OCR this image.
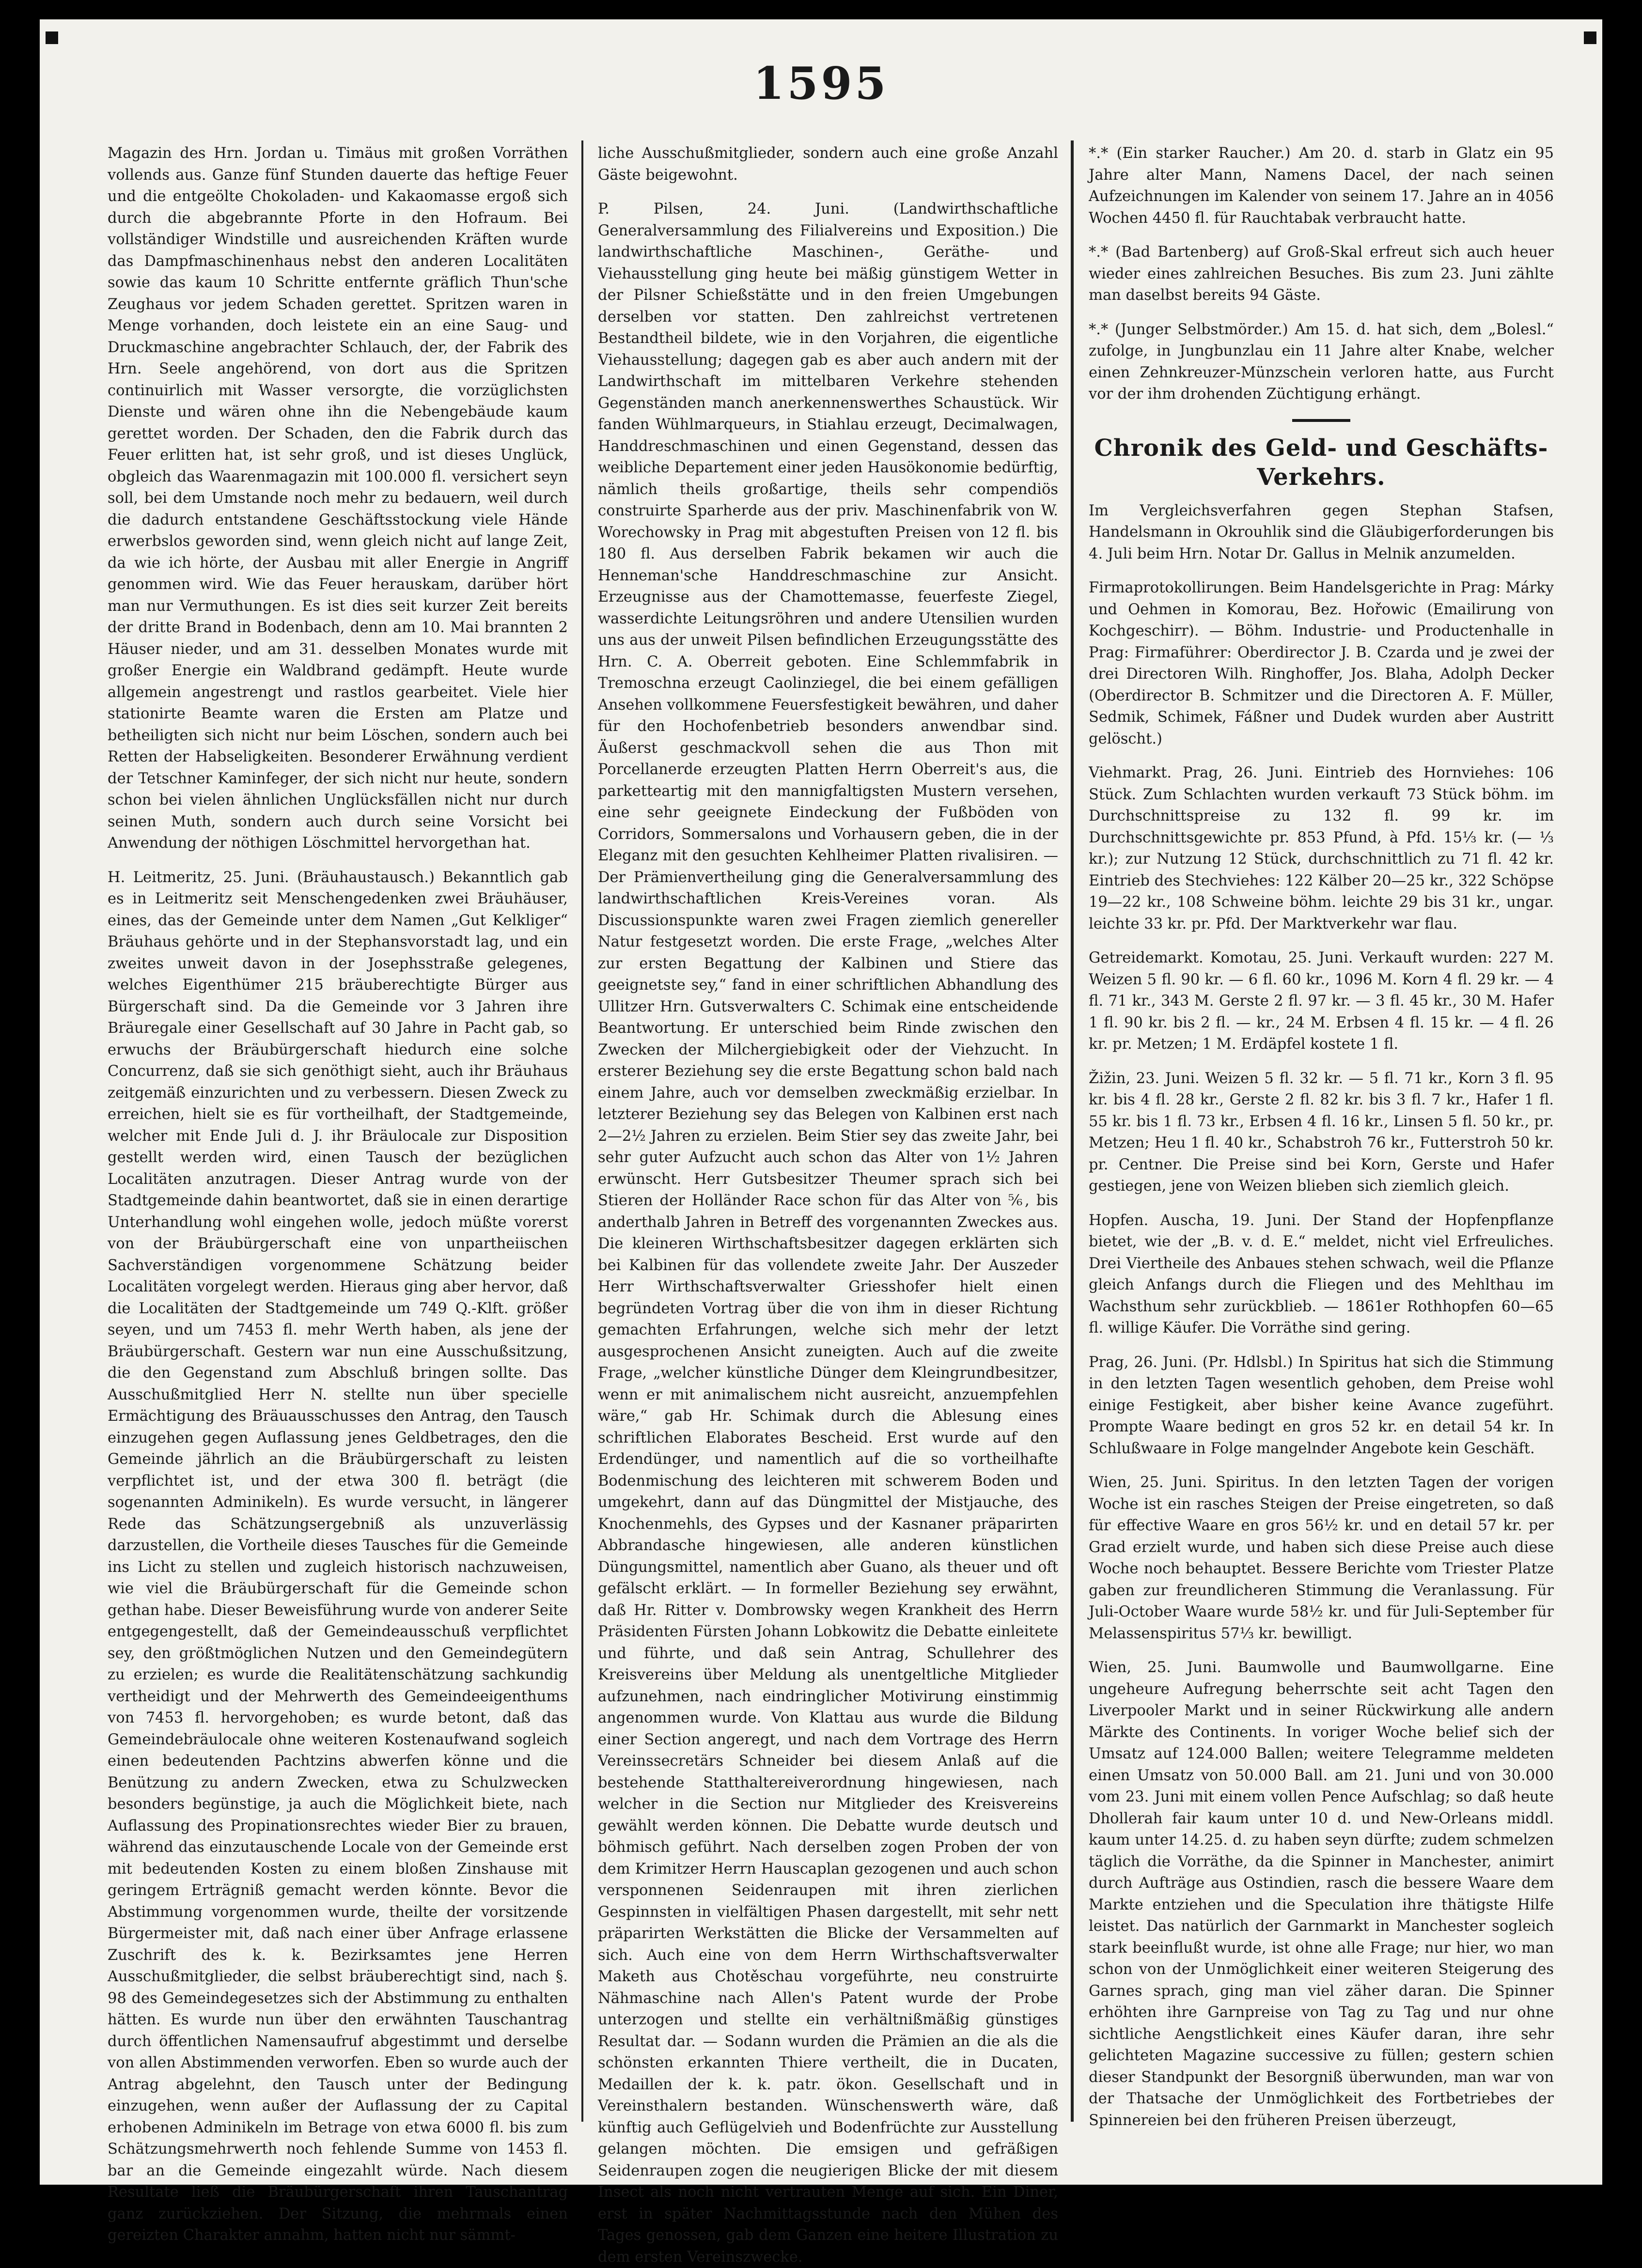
1595

Magazin des Hrn. Jordan u. Timäus mit großen Vorräthen vollends aus. Ganze fünf Stunden dauerte das heftige Feuer und die entgeölte Chokoladen- und Kakaomasse ergoß sich durch die abgebrannte Pforte in den Hofraum. Bei vollständiger Windstille und ausreichenden Kräften wurde das Dampfmaschinenhaus nebst den anderen Localitäten sowie das kaum 10 Schritte entfernte gräflich Thun'sche Zeughaus vor jedem Schaden gerettet. Spritzen waren in Menge vorhanden, doch leistete ein an eine Saug- und Druckmaschine angebrachter Schlauch, der, der Fabrik des Hrn. Seele angehörend, von dort aus die Spritzen continuirlich mit Wasser versorgte, die vorzüglichsten Dienste und wären ohne ihn die Nebengebäude kaum gerettet worden. Der Schaden, den die Fabrik durch das Feuer erlitten hat, ist sehr groß, und ist dieses Unglück, obgleich das Waarenmagazin mit 100.000 fl. versichert seyn soll, bei dem Umstande noch mehr zu bedauern, weil durch die dadurch entstandene Geschäftsstockung viele Hände erwerbslos geworden sind, wenn gleich nicht auf lange Zeit, da wie ich hörte, der Ausbau mit aller Energie in Angriff genommen wird. Wie das Feuer herauskam, darüber hört man nur Vermuthungen. Es ist dies seit kurzer Zeit bereits der dritte Brand in Bodenbach, denn am 10. Mai brannten 2 Häuser nieder, und am 31. desselben Monates wurde mit großer Energie ein Waldbrand gedämpft. Heute wurde allgemein angestrengt und rastlos gearbeitet. Viele hier stationirte Beamte waren die Ersten am Platze und betheiligten sich nicht nur beim Löschen, sondern auch bei Retten der Habseligkeiten. Besonderer Erwähnung verdient der Tetschner Kaminfeger, der sich nicht nur heute, sondern schon bei vielen ähnlichen Unglücksfällen nicht nur durch seinen Muth, sondern auch durch seine Vorsicht bei Anwendung der nöthigen Löschmittel hervorgethan hat.

H. Leitmeritz, 25. Juni. (Bräuhaustausch.) Bekanntlich gab es in Leitmeritz seit Menschengedenken zwei Bräuhäuser, eines, das der Gemeinde unter dem Namen „Gut Kelkliger“ Bräuhaus gehörte und in der Stephansvorstadt lag, und ein zweites unweit davon in der Josephsstraße gelegenes, welches Eigenthümer 215 bräuberechtigte Bürger aus Bürgerschaft sind. Da die Gemeinde vor 3 Jahren ihre Bräuregale einer Gesellschaft auf 30 Jahre in Pacht gab, so erwuchs der Bräubürgerschaft hiedurch eine solche Concurrenz, daß sie sich genöthigt sieht, auch ihr Bräuhaus zeitgemäß einzurichten und zu verbessern. Diesen Zweck zu erreichen, hielt sie es für vortheilhaft, der Stadtgemeinde, welcher mit Ende Juli d. J. ihr Bräulocale zur Disposition gestellt werden wird, einen Tausch der bezüglichen Localitäten anzutragen. Dieser Antrag wurde von der Stadtgemeinde dahin beantwortet, daß sie in einen derartige Unterhandlung wohl eingehen wolle, jedoch müßte vorerst von der Bräubürgerschaft eine von unpartheiischen Sachverständigen vorgenommene Schätzung beider Localitäten vorgelegt werden. Hieraus ging aber hervor, daß die Localitäten der Stadtgemeinde um 749 Q.-Klft. größer seyen, und um 7453 fl. mehr Werth haben, als jene der Bräubürgerschaft. Gestern war nun eine Ausschußsitzung, die den Gegenstand zum Abschluß bringen sollte. Das Ausschußmitglied Herr N. stellte nun über specielle Ermächtigung des Bräuausschusses den Antrag, den Tausch einzugehen gegen Auflassung jenes Geldbetrages, den die Gemeinde jährlich an die Bräubürgerschaft zu leisten verpflichtet ist, und der etwa 300 fl. beträgt (die sogenannten Adminikeln). Es wurde versucht, in längerer Rede das Schätzungsergebniß als unzuverlässig darzustellen, die Vortheile dieses Tausches für die Gemeinde ins Licht zu stellen und zugleich historisch nachzuweisen, wie viel die Bräubürgerschaft für die Gemeinde schon gethan habe. Dieser Beweisführung wurde von anderer Seite entgegengestellt, daß der Gemeindeausschuß verpflichtet sey, den größtmöglichen Nutzen und den Gemeindegütern zu erzielen; es wurde die Realitätenschätzung sachkundig vertheidigt und der Mehrwerth des Gemeindeeigenthums von 7453 fl. hervorgehoben; es wurde betont, daß das Gemeindebräulocale ohne weiteren Kostenaufwand sogleich einen bedeutenden Pachtzins abwerfen könne und die Benützung zu andern Zwecken, etwa zu Schulzwecken besonders begünstige, ja auch die Möglichkeit biete, nach Auflassung des Propinationsrechtes wieder Bier zu brauen, während das einzutauschende Locale von der Gemeinde erst mit bedeutenden Kosten zu einem bloßen Zinshause mit geringem Erträgniß gemacht werden könnte. Bevor die Abstimmung vorgenommen wurde, theilte der vorsitzende Bürgermeister mit, daß nach einer über Anfrage erlassene Zuschrift des k. k. Bezirksamtes jene Herren Ausschußmitglieder, die selbst bräuberechtigt sind, nach §. 98 des Gemeindegesetzes sich der Abstimmung zu enthalten hätten. Es wurde nun über den erwähnten Tauschantrag durch öffentlichen Namensaufruf abgestimmt und derselbe von allen Abstimmenden verworfen. Eben so wurde auch der Antrag abgelehnt, den Tausch unter der Bedingung einzugehen, wenn außer der Auflassung der zu Capital erhobenen Adminikeln im Betrage von etwa 6000 fl. bis zum Schätzungsmehrwerth noch fehlende Summe von 1453 fl. bar an die Gemeinde eingezahlt würde. Nach diesem Resultate ließ die Bräubürgerschaft ihren Tauschantrag ganz zurückziehen. Der Sitzung, die mehrmals einen gereizten Charakter annahm, hatten nicht nur sämmt-

liche Ausschußmitglieder, sondern auch eine große Anzahl Gäste beigewohnt.

P. Pilsen, 24. Juni. (Landwirthschaftliche Generalversammlung des Filialvereins und Exposition.) Die landwirthschaftliche Maschinen-, Geräthe- und Viehausstellung ging heute bei mäßig günstigem Wetter in der Pilsner Schießstätte und in den freien Umgebungen derselben vor statten. Den zahlreichst vertretenen Bestandtheil bildete, wie in den Vorjahren, die eigentliche Viehausstellung; dagegen gab es aber auch andern mit der Landwirthschaft im mittelbaren Verkehre stehenden Gegenständen manch anerkennenswerthes Schaustück. Wir fanden Wühlmarqueurs, in Stiahlau erzeugt, Decimalwagen, Handdreschmaschinen und einen Gegenstand, dessen das weibliche Departement einer jeden Hausökonomie bedürftig, nämlich theils großartige, theils sehr compendiös construirte Sparherde aus der priv. Maschinenfabrik von W. Worechowsky in Prag mit abgestuften Preisen von 12 fl. bis 180 fl. Aus derselben Fabrik bekamen wir auch die Henneman'sche Handdreschmaschine zur Ansicht. Erzeugnisse aus der Chamottemasse, feuerfeste Ziegel, wasserdichte Leitungsröhren und andere Utensilien wurden uns aus der unweit Pilsen befindlichen Erzeugungsstätte des Hrn. C. A. Oberreit geboten. Eine Schlemmfabrik in Tremoschna erzeugt Caolinziegel, die bei einem gefälligen Ansehen vollkommene Feuersfestigkeit bewähren, und daher für den Hochofenbetrieb besonders anwendbar sind. Äußerst geschmackvoll sehen die aus Thon mit Porcellanerde erzeugten Platten Herrn Oberreit's aus, die parketteartig mit den mannigfaltigsten Mustern versehen, eine sehr geeignete Eindeckung der Fußböden von Corridors, Sommersalons und Vorhausern geben, die in der Eleganz mit den gesuchten Kehlheimer Platten rivalisiren. — Der Prämienvertheilung ging die Generalversammlung des landwirthschaftlichen Kreis-Vereines voran. Als Discussionspunkte waren zwei Fragen ziemlich genereller Natur festgesetzt worden. Die erste Frage, „welches Alter zur ersten Begattung der Kalbinen und Stiere das geeignetste sey,“ fand in einer schriftlichen Abhandlung des Ullitzer Hrn. Gutsverwalters C. Schimak eine entscheidende Beantwortung. Er unterschied beim Rinde zwischen den Zwecken der Milchergiebigkeit oder der Viehzucht. In ersterer Beziehung sey die erste Begattung schon bald nach einem Jahre, auch vor demselben zweckmäßig erzielbar. In letzterer Beziehung sey das Belegen von Kalbinen erst nach 2—2½ Jahren zu erzielen. Beim Stier sey das zweite Jahr, bei sehr guter Aufzucht auch schon das Alter von 1½ Jahren erwünscht. Herr Gutsbesitzer Theumer sprach sich bei Stieren der Holländer Race schon für das Alter von ⅚, bis anderthalb Jahren in Betreff des vorgenannten Zweckes aus. Die kleineren Wirthschaftsbesitzer dagegen erklärten sich bei Kalbinen für das vollendete zweite Jahr. Der Auszeder Herr Wirthschaftsverwalter Griesshofer hielt einen begründeten Vortrag über die von ihm in dieser Richtung gemachten Erfahrungen, welche sich mehr der letzt ausgesprochenen Ansicht zuneigten. Auch auf die zweite Frage, „welcher künstliche Dünger dem Kleingrundbesitzer, wenn er mit animalischem nicht ausreicht, anzuempfehlen wäre,“ gab Hr. Schimak durch die Ablesung eines schriftlichen Elaborates Bescheid. Erst wurde auf den Erdendünger, und namentlich auf die so vortheilhafte Bodenmischung des leichteren mit schwerem Boden und umgekehrt, dann auf das Düngmittel der Mistjauche, des Knochenmehls, des Gypses und der Kasnaner präparirten Abbrandasche hingewiesen, alle anderen künstlichen Düngungsmittel, namentlich aber Guano, als theuer und oft gefälscht erklärt. — In formeller Beziehung sey erwähnt, daß Hr. Ritter v. Dombrowsky wegen Krankheit des Herrn Präsidenten Fürsten Johann Lobkowitz die Debatte einleitete und führte, und daß sein Antrag, Schullehrer des Kreisvereins über Meldung als unentgeltliche Mitglieder aufzunehmen, nach eindringlicher Motivirung einstimmig angenommen wurde. Von Klattau aus wurde die Bildung einer Section angeregt, und nach dem Vortrage des Herrn Vereinssecretärs Schneider bei diesem Anlaß auf die bestehende Statthaltereiverordnung hingewiesen, nach welcher in die Section nur Mitglieder des Kreisvereins gewählt werden können. Die Debatte wurde deutsch und böhmisch geführt. Nach derselben zogen Proben der von dem Krimitzer Herrn Hauscaplan gezogenen und auch schon versponnenen Seidenraupen mit ihren zierlichen Gespinnsten in vielfältigen Phasen dargestellt, mit sehr nett präparirten Werkstätten die Blicke der Versammelten auf sich. Auch eine von dem Herrn Wirthschaftsverwalter Maketh aus Chotěschau vorgeführte, neu construirte Nähmaschine nach Allen's Patent wurde der Probe unterzogen und stellte ein verhältnißmäßig günstiges Resultat dar. — Sodann wurden die Prämien an die als die schönsten erkannten Thiere vertheilt, die in Ducaten, Medaillen der k. k. patr. ökon. Gesellschaft und in Vereinsthalern bestanden. Wünschenswerth wäre, daß künftig auch Geflügelvieh und Bodenfrüchte zur Ausstellung gelangen möchten. Die emsigen und gefräßigen Seidenraupen zogen die neugierigen Blicke der mit diesem Insect als noch nicht vertrauten Menge auf sich. Ein Diner, erst in später Nachmittagsstunde nach den Mühen des Tages genossen, gab dem Ganzen eine heitere Illustration zu dem ersten Vereinszwecke.

*.* (Ein starker Raucher.) Am 20. d. starb in Glatz ein 95 Jahre alter Mann, Namens Dacel, der nach seinen Aufzeichnungen im Kalender von seinem 17. Jahre an in 4056 Wochen 4450 fl. für Rauchtabak verbraucht hatte.

*.* (Bad Bartenberg) auf Groß-Skal erfreut sich auch heuer wieder eines zahlreichen Besuches. Bis zum 23. Juni zählte man daselbst bereits 94 Gäste.

*.* (Junger Selbstmörder.) Am 15. d. hat sich, dem „Bolesl.“ zufolge, in Jungbunzlau ein 11 Jahre alter Knabe, welcher einen Zehnkreuzer-Münzschein verloren hatte, aus Furcht vor der ihm drohenden Züchtigung erhängt.

Chronik des Geld- und Geschäfts-Verkehrs.

Im Vergleichsverfahren gegen Stephan Stafsen, Handelsmann in Okrouhlik sind die Gläubigerforderungen bis 4. Juli beim Hrn. Notar Dr. Gallus in Melnik anzumelden.

Firmaprotokollirungen. Beim Handelsgerichte in Prag: Márky und Oehmen in Komorau, Bez. Hořowic (Emailirung von Kochgeschirr). — Böhm. Industrie- und Productenhalle in Prag: Firmaführer: Oberdirector J. B. Czarda und je zwei der drei Directoren Wilh. Ringhoffer, Jos. Blaha, Adolph Decker (Oberdirector B. Schmitzer und die Directoren A. F. Müller, Sedmik, Schimek, Fáßner und Dudek wurden aber Austritt gelöscht.)

Viehmarkt. Prag, 26. Juni. Eintrieb des Hornviehes: 106 Stück. Zum Schlachten wurden verkauft 73 Stück böhm. im Durchschnittspreise zu 132 fl. 99 kr. im Durchschnittsgewichte pr. 853 Pfund, à Pfd. 15⅓ kr. (— ⅓ kr.); zur Nutzung 12 Stück, durchschnittlich zu 71 fl. 42 kr. Eintrieb des Stechviehes: 122 Kälber 20—25 kr., 322 Schöpse 19—22 kr., 108 Schweine böhm. leichte 29 bis 31 kr., ungar. leichte 33 kr. pr. Pfd. Der Marktverkehr war flau.

Getreidemarkt. Komotau, 25. Juni. Verkauft wurden: 227 M. Weizen 5 fl. 90 kr. — 6 fl. 60 kr., 1096 M. Korn 4 fl. 29 kr. — 4 fl. 71 kr., 343 M. Gerste 2 fl. 97 kr. — 3 fl. 45 kr., 30 M. Hafer 1 fl. 90 kr. bis 2 fl. — kr., 24 M. Erbsen 4 fl. 15 kr. — 4 fl. 26 kr. pr. Metzen; 1 M. Erdäpfel kostete 1 fl.

Žižin, 23. Juni. Weizen 5 fl. 32 kr. — 5 fl. 71 kr., Korn 3 fl. 95 kr. bis 4 fl. 28 kr., Gerste 2 fl. 82 kr. bis 3 fl. 7 kr., Hafer 1 fl. 55 kr. bis 1 fl. 73 kr., Erbsen 4 fl. 16 kr., Linsen 5 fl. 50 kr., pr. Metzen; Heu 1 fl. 40 kr., Schabstroh 76 kr., Futterstroh 50 kr. pr. Centner. Die Preise sind bei Korn, Gerste und Hafer gestiegen, jene von Weizen blieben sich ziemlich gleich.

Hopfen. Auscha, 19. Juni. Der Stand der Hopfenpflanze bietet, wie der „B. v. d. E.“ meldet, nicht viel Erfreuliches. Drei Viertheile des Anbaues stehen schwach, weil die Pflanze gleich Anfangs durch die Fliegen und des Mehlthau im Wachsthum sehr zurückblieb. — 1861er Rothhopfen 60—65 fl. willige Käufer. Die Vorräthe sind gering.

Prag, 26. Juni. (Pr. Hdlsbl.) In Spiritus hat sich die Stimmung in den letzten Tagen wesentlich gehoben, dem Preise wohl einige Festigkeit, aber bisher keine Avance zugeführt. Prompte Waare bedingt en gros 52 kr. en detail 54 kr. In Schlußwaare in Folge mangelnder Angebote kein Geschäft.

Wien, 25. Juni. Spiritus. In den letzten Tagen der vorigen Woche ist ein rasches Steigen der Preise eingetreten, so daß für effective Waare en gros 56½ kr. und en detail 57 kr. per Grad erzielt wurde, und haben sich diese Preise auch diese Woche noch behauptet. Bessere Berichte vom Triester Platze gaben zur freundlicheren Stimmung die Veranlassung. Für Juli-October Waare wurde 58½ kr. und für Juli-September für Melassenspiritus 57⅓ kr. bewilligt.

Wien, 25. Juni. Baumwolle und Baumwollgarne. Eine ungeheure Aufregung beherrschte seit acht Tagen den Liverpooler Markt und in seiner Rückwirkung alle andern Märkte des Continents. In voriger Woche belief sich der Umsatz auf 124.000 Ballen; weitere Telegramme meldeten einen Umsatz von 50.000 Ball. am 21. Juni und von 30.000 vom 23. Juni mit einem vollen Pence Aufschlag; so daß heute Dhollerah fair kaum unter 10 d. und New-Orleans middl. kaum unter 14.25. d. zu haben seyn dürfte; zudem schmelzen täglich die Vorräthe, da die Spinner in Manchester, animirt durch Aufträge aus Ostindien, rasch die bessere Waare dem Markte entziehen und die Speculation ihre thätigste Hilfe leistet. Das natürlich der Garnmarkt in Manchester sogleich stark beeinflußt wurde, ist ohne alle Frage; nur hier, wo man schon von der Unmöglichkeit einer weiteren Steigerung des Garnes sprach, ging man viel zäher daran. Die Spinner erhöhten ihre Garnpreise von Tag zu Tag und nur ohne sichtliche Aengstlichkeit eines Käufer daran, ihre sehr gelichteten Magazine successive zu füllen; gestern schien dieser Standpunkt der Besorgniß überwunden, man war von der Thatsache der Unmöglichkeit des Fortbetriebes der Spinnereien bei den früheren Preisen überzeugt,
